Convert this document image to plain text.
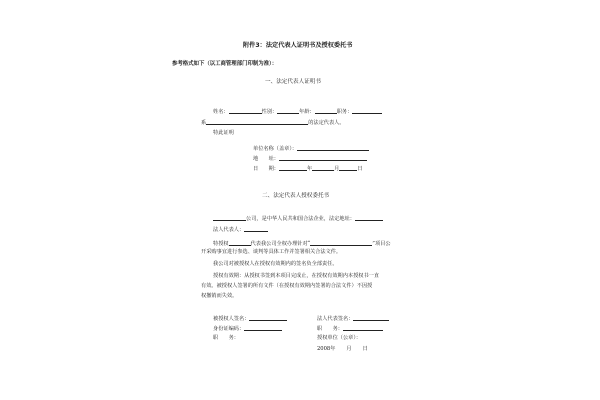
附件3：法定代表人证明书及授权委托书
参考格式如下（以工商管理部门印制为准）：
一、法定代表人证明书
姓名：	性别：	年龄：	职务：
系	的法定代表人。
特此证明
单位名称（盖章）：
地　　址：
日　　期：	年	月	日
二、法定代表人授权委托书
公司，是中华人民共和国合法企业，法定地址：
法人代表人：
特授权	代表我公司全权办理针对“	”项目公
开采购事宜进行参选、谈判等具体工作并签署相关合法文件。
我公司对被授权人在授权有效期内的签名负全部责任。
授权有效期：从授权书签到本项目完成止，在授权有效期内本授权书一直
有效。被授权人签署的所有文件（在授权有效期内签署的合法文件）不因授
权撤销而失效。
被授权人签名：
身份证编码：
职　　务：
法人代表签名：
职　　务：
授权单位（公章）：
2008年 月 日
